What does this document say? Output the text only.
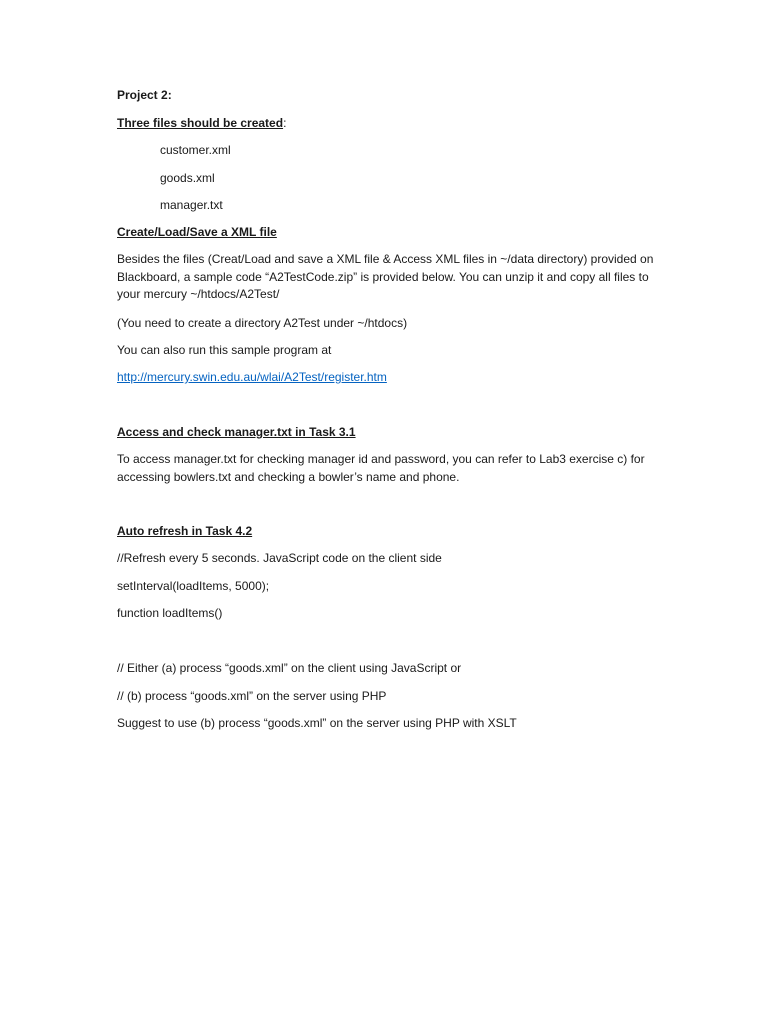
Project 2:
Three files should be created:
customer.xml
goods.xml
manager.txt
Create/Load/Save a XML file
Besides the files (Creat/Load and save a XML file & Access XML files in ~/data directory) provided on
Blackboard, a sample code “A2TestCode.zip” is provided below. You can unzip it and copy all files to
your mercury ~/htdocs/A2Test/
(You need to create a directory A2Test under ~/htdocs)
You can also run this sample program at
http://mercury.swin.edu.au/wlai/A2Test/register.htm
Access and check manager.txt in Task 3.1
To access manager.txt for checking manager id and password, you can refer to Lab3 exercise c) for
accessing bowlers.txt and checking a bowler’s name and phone.
Auto refresh in Task 4.2
//Refresh every 5 seconds. JavaScript code on the client side
setInterval(loadItems, 5000);
function loadItems()
// Either (a) process “goods.xml” on the client using JavaScript or
// (b) process “goods.xml” on the server using PHP
Suggest to use (b) process “goods.xml” on the server using PHP with XSLT
